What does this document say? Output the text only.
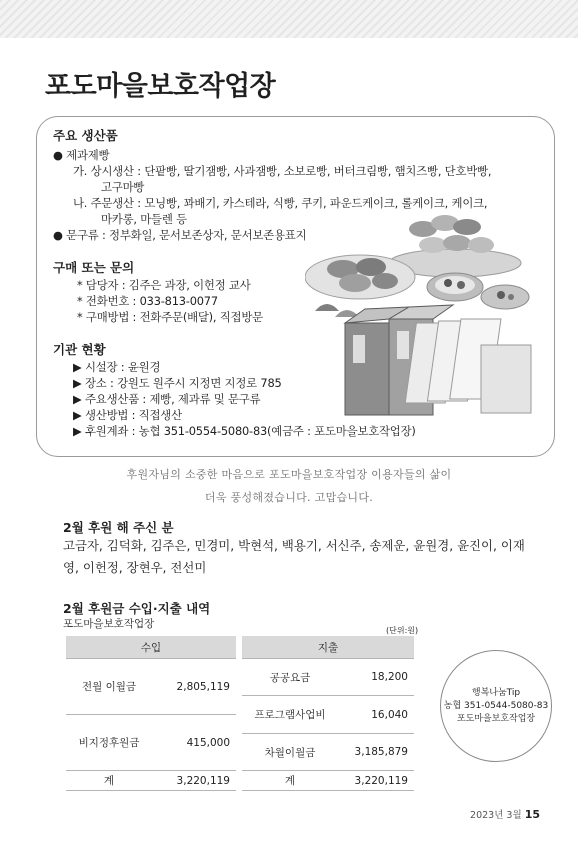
포도마을보호작업장
주요 생산품
● 제과제빵
가. 상시생산 : 단팥빵, 딸기잼빵, 사과잼빵, 소보로빵, 버터크림빵, 햄치즈빵, 단호박빵,
고구마빵
나. 주문생산 : 모닝빵, 꽈배기, 카스테라, 식빵, 쿠키, 파운드케이크, 롤케이크, 케이크,
마카롱, 마들렌 등
● 문구류 : 정부화일, 문서보존상자, 문서보존용표지
구매 또는 문의
* 담당자 : 김주은 과장, 이헌정 교사
* 전화번호 : 033-813-0077
* 구매방법 : 전화주문(배달), 직접방문
기관 현황
▶ 시설장 : 윤원경
▶ 장소 : 강원도 원주시 지정면 지정로 785
▶ 주요생산품 : 제빵, 제과류 및 문구류
▶ 생산방법 : 직접생산
▶ 후원계좌 : 농협 351-0554-5080-83(예금주 : 포도마을보호작업장)
후원자님의 소중한 마음으로 포도마을보호작업장 이용자들의 삶이
더욱 풍성해졌습니다. 고맙습니다.
2월 후원 해 주신 분
고금자, 김덕화, 김주은, 민경미, 박현석, 백용기, 서신주, 송제운, 윤원경, 윤진이, 이재영, 이헌정, 장현우, 전선미
2월 후원금 수입·지출 내역
포도마을보호작업장
(단위:원)
수입	
전월 이월금	2,805,119
비지정후원금	415,000
계	3,220,119
지출	
공공요금	18,200
프로그램사업비	16,040
차월이월금	3,185,879
계	3,220,119
행복나눔Tip
농협 351-0544-5080-83
포도마을보호작업장
2023년 3월 15
